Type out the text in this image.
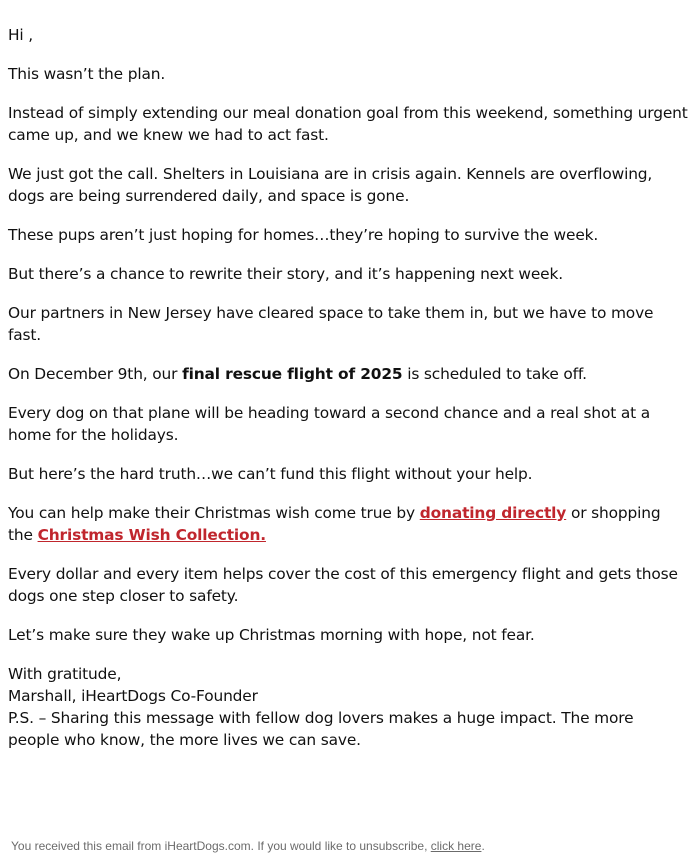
Hi ,

This wasn’t the plan.

Instead of simply extending our meal donation goal from this weekend, something urgent came up, and we knew we had to act fast.

We just got the call. Shelters in Louisiana are in crisis again. Kennels are overflowing, dogs are being surrendered daily, and space is gone.

These pups aren’t just hoping for homes…they’re hoping to survive the week.

But there’s a chance to rewrite their story, and it’s happening next week.

Our partners in New Jersey have cleared space to take them in, but we have to move fast.

On December 9th, our final rescue flight of 2025 is scheduled to take off.

Every dog on that plane will be heading toward a second chance and a real shot at a home for the holidays.

But here’s the hard truth…we can’t fund this flight without your help.

You can help make their Christmas wish come true by donating directly or shopping the Christmas Wish Collection.

Every dollar and every item helps cover the cost of this emergency flight and gets those dogs one step closer to safety.

Let’s make sure they wake up Christmas morning with hope, not fear.

With gratitude,

Marshall, iHeartDogs Co-Founder

P.S. – Sharing this message with fellow dog lovers makes a huge impact. The more people who know, the more lives we can save.

You received this email from iHeartDogs.com. If you would like to unsubscribe, click here.
